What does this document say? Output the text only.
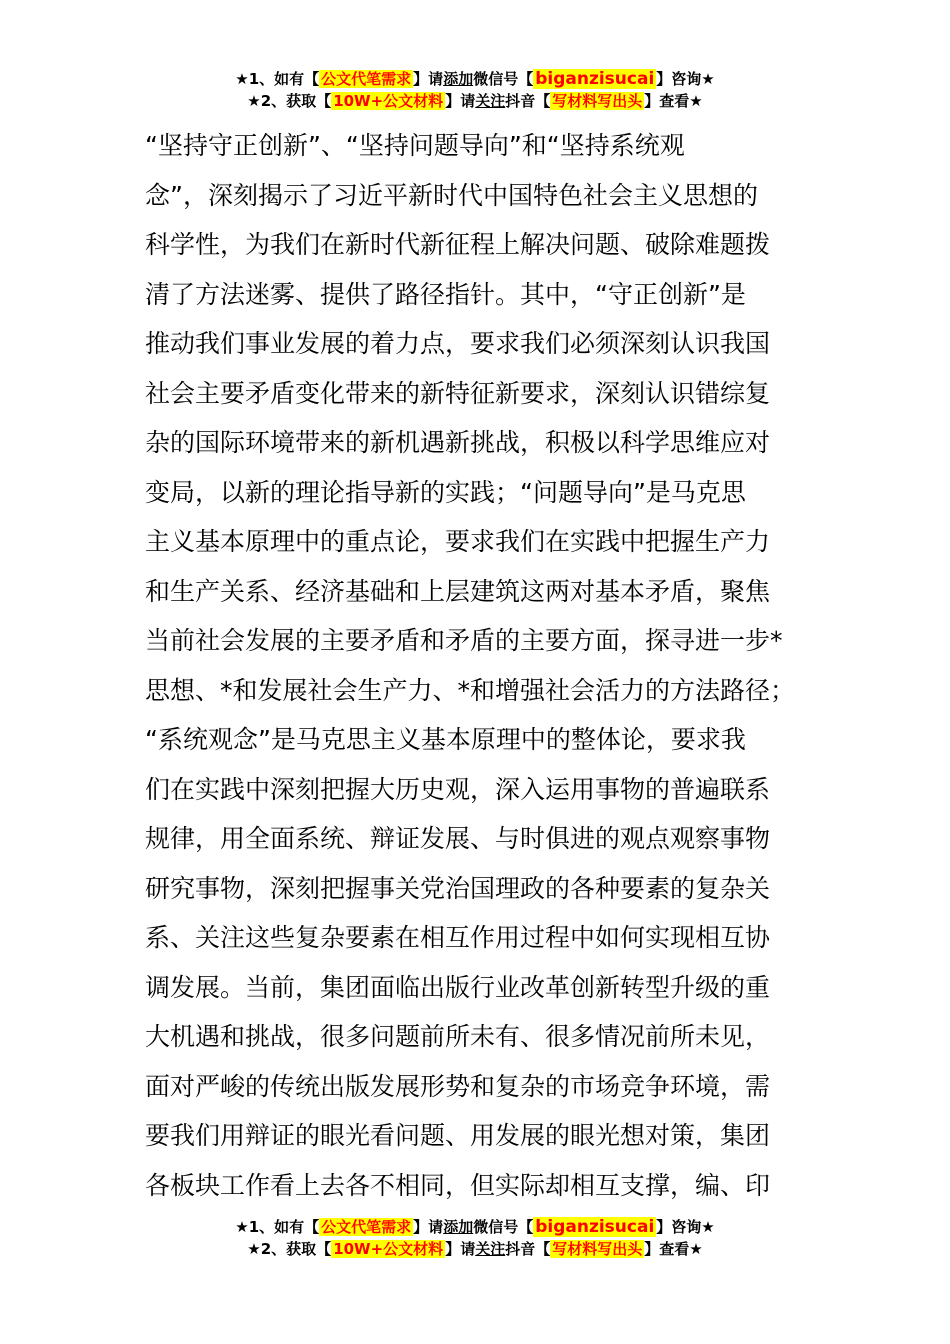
★1、如有【 公文代笔需求 】请添加微信号【 biganzisucai 】咨询★
★2、获取【 10W+公文材料 】请关注抖音【 写材料写出头 】查看★
“坚持守正创新”、“坚持问题导向”和“坚持系统观
念”，深刻揭示了习近平新时代中国特色社会主义思想的
科学性，为我们在新时代新征程上解决问题、破除难题拨
清了方法迷雾、提供了路径指针。其中，“守正创新”是
推动我们事业发展的着力点，要求我们必须深刻认识我国
社会主要矛盾变化带来的新特征新要求，深刻认识错综复
杂的国际环境带来的新机遇新挑战，积极以科学思维应对
变局，以新的理论指导新的实践；“问题导向”是马克思
主义基本原理中的重点论，要求我们在实践中把握生产力
和生产关系、经济基础和上层建筑这两对基本矛盾，聚焦
当前社会发展的主要矛盾和矛盾的主要方面，探寻进一步*
思想、*和发展社会生产力、*和增强社会活力的方法路径；
“系统观念”是马克思主义基本原理中的整体论，要求我
们在实践中深刻把握大历史观，深入运用事物的普遍联系
规律，用全面系统、辩证发展、与时俱进的观点观察事物
研究事物，深刻把握事关党治国理政的各种要素的复杂关
系、关注这些复杂要素在相互作用过程中如何实现相互协
调发展。当前，集团面临出版行业改革创新转型升级的重
大机遇和挑战，很多问题前所未有、很多情况前所未见，
面对严峻的传统出版发展形势和复杂的市场竞争环境，需
要我们用辩证的眼光看问题、用发展的眼光想对策，集团
各板块工作看上去各不相同，但实际却相互支撑，编、印
★1、如有【 公文代笔需求 】请添加微信号【 biganzisucai 】咨询★
★2、获取【 10W+公文材料 】请关注抖音【 写材料写出头 】查看★
